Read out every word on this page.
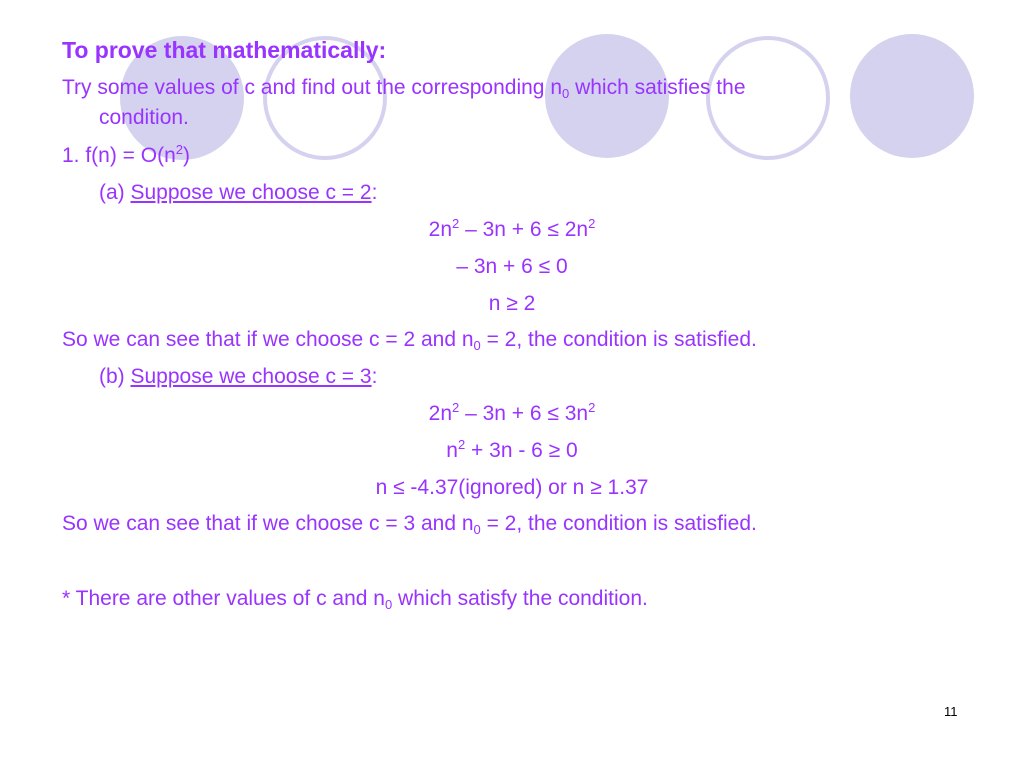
To prove that mathematically:
Try some values of c and find out the corresponding $n_0$ which satisfies the
condition.
1. $f(n) = O(n^2)$
(a) Suppose we choose c = 2:
$2n^2 - 3n + 6 \le 2n^2$
– 3n + 6 ≤ 0
n ≥ 2
So we can see that if we choose c = 2 and $n_0 = 2$, the condition is satisfied.
(b) Suppose we choose c = 3:
$2n^2 - 3n + 6 \le 3n^2$
$n^2 + 3n - 6 \ge 0$
n ≤ -4.37(ignored) or n ≥ 1.37
So we can see that if we choose c = 3 and $n_0 = 2$, the condition is satisfied.
* There are other values of c and $n_0$ which satisfy the condition.
11
